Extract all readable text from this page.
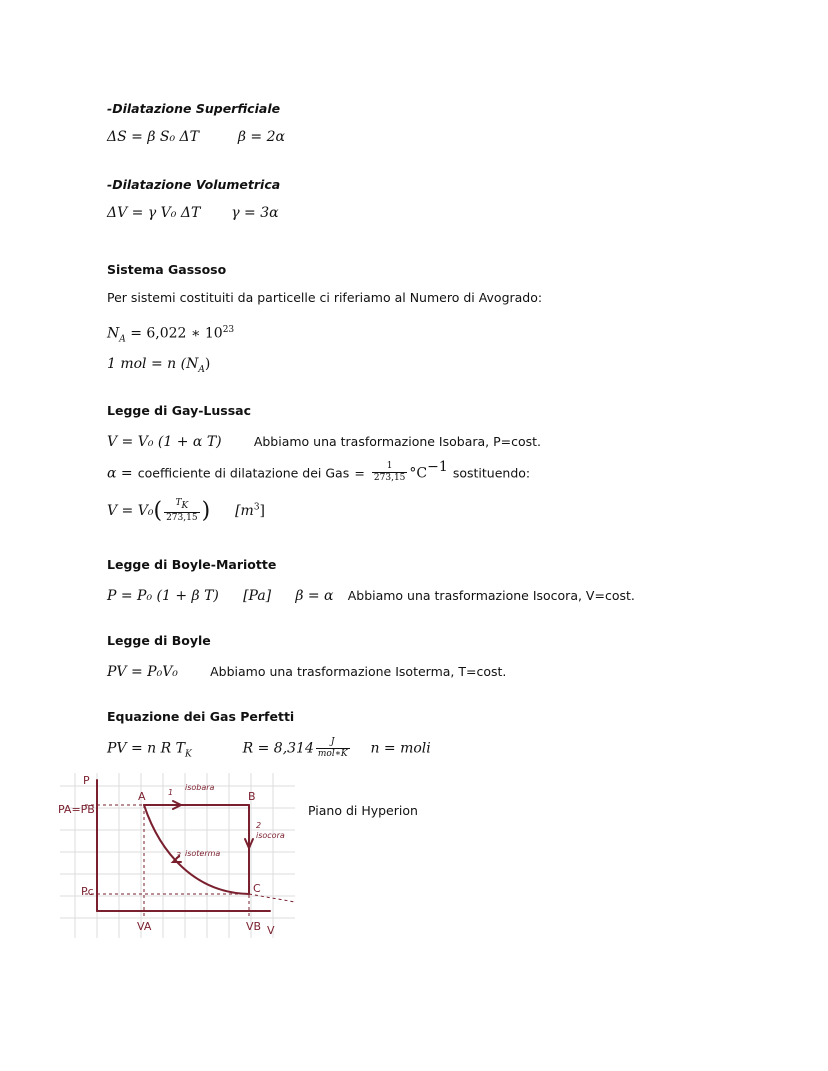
-Dilatazione Superficiale
ΔS = β S₀ ΔT	β = 2α
-Dilatazione Volumetrica
ΔV = γ V₀ ΔT γ = 3α
Sistema Gassoso
Per sistemi costituiti da particelle ci riferiamo al Numero di Avogrado:
$N_A = 6,022$ ∗ $10^{23}$
1 mol = n $(N_A)$
Legge di Gay-Lussac
V = V₀ (1 + α T)	Abbiamo una trasformazione Isobara, P=cost.
α = coefficiente di dilatazione dei Gas = $\frac{1}{273,15} ^\circ C^{-1}$ sostituendo:
$V = V_0( \frac{T_K}{273,15}$ ) $[m^3]$
Legge di Boyle-Mariotte
P = P₀ (1 + β T) [Pa] β = α Abbiamo una trasformazione Isocora, V=cost.
Legge di Boyle
PV = P₀V₀	Abbiamo una trasformazione Isoterma, T=cost.
Equazione dei Gas Perfetti
PV = n R $T_K$	$R = 8,314 \frac{J}{\text{mol∗K}}$ n = moli
P
PA=PB
Pc
VA	VB V
A	B
C
1
isobara
2
isocora
3 isoterma
Piano di Hyperion
